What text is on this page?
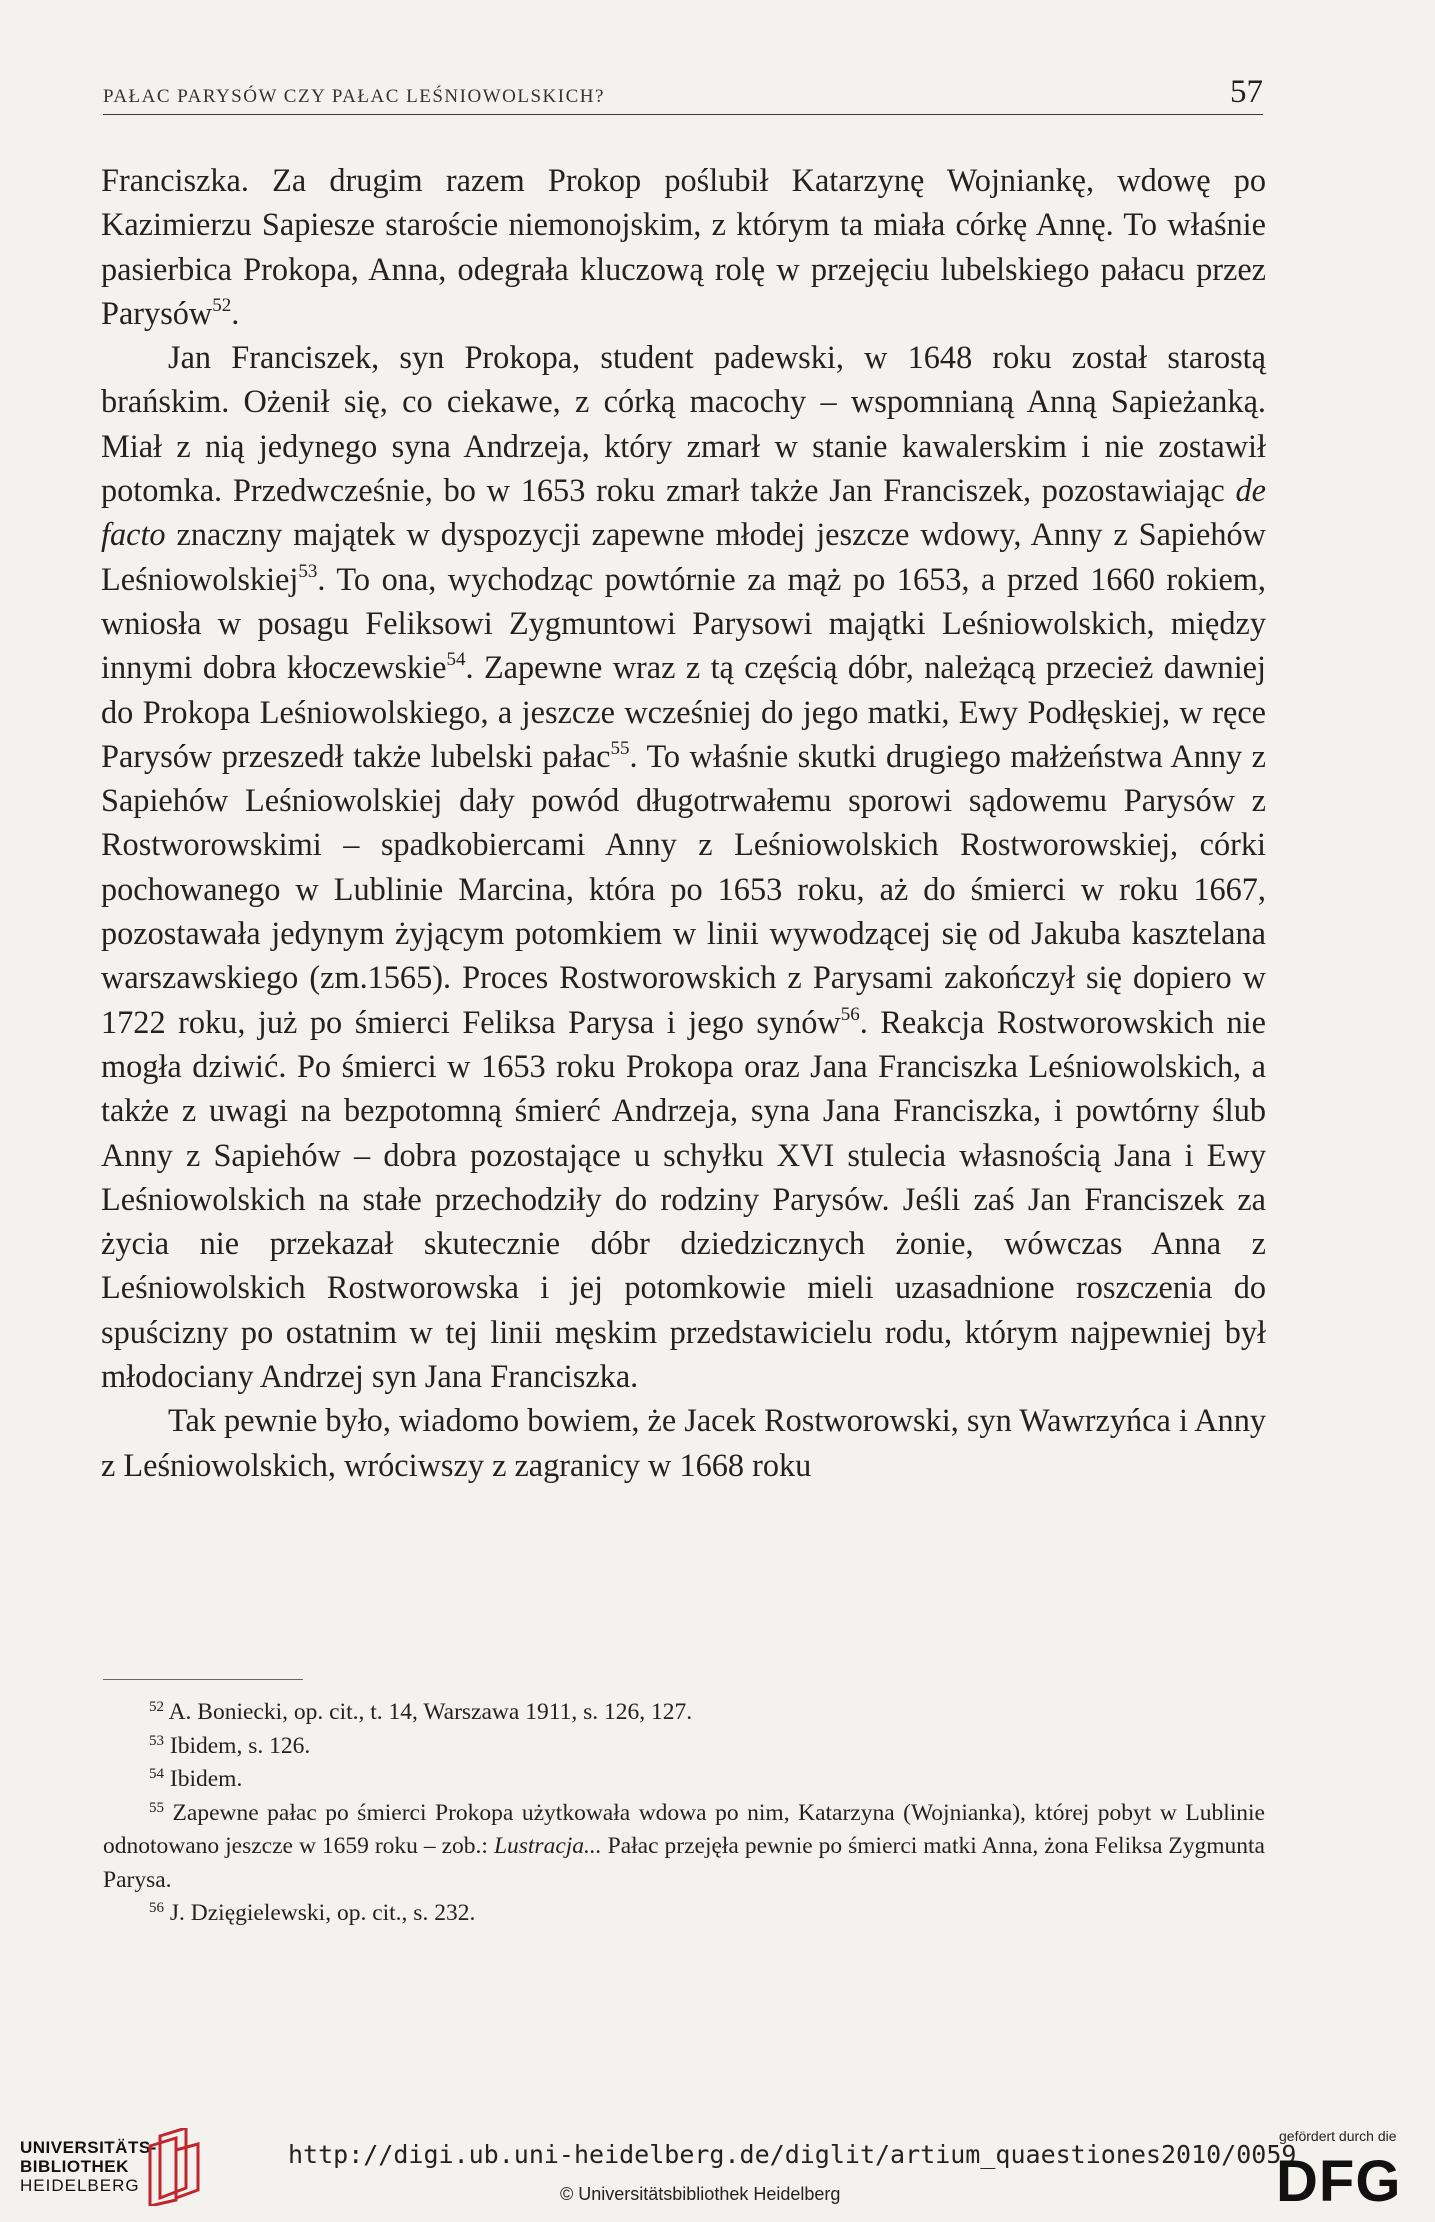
PAŁAC PARYSÓW CZY PAŁAC LEŚNIOWOLSKICH?	57

Franciszka. Za drugim razem Prokop poślubił Katarzynę Wojniankę, wdowę po Kazimierzu Sapiesze staroście niemonojskim, z którym ta miała córkę Annę. To właśnie pasierbica Prokopa, Anna, odegrała kluczową rolę w przejęciu lubelskiego pałacu przez Parysów$^{52}$.

Jan Franciszek, syn Prokopa, student padewski, w 1648 roku został starostą brańskim. Ożenił się, co ciekawe, z córką macochy – wspomnianą Anną Sapieżanką. Miał z nią jedynego syna Andrzeja, który zmarł w stanie kawalerskim i nie zostawił potomka. Przedwcześnie, bo w 1653 roku zmarł także Jan Franciszek, pozostawiając de facto znaczny majątek w dyspozycji zapewne młodej jeszcze wdowy, Anny z Sapiehów Leśniowolskiej$^{53}$. To ona, wychodząc powtórnie za mąż po 1653, a przed 1660 rokiem, wniosła w posagu Feliksowi Zygmuntowi Parysowi majątki Leśniowolskich, między innymi dobra kłoczewskie$^{54}$. Zapewne wraz z tą częścią dóbr, należącą przecież dawniej do Prokopa Leśniowolskiego, a jeszcze wcześniej do jego matki, Ewy Podłęskiej, w ręce Parysów przeszedł także lubelski pałac$^{55}$. To właśnie skutki drugiego małżeństwa Anny z Sapiehów Leśniowolskiej dały powód długotrwałemu sporowi sądowemu Parysów z Rostworowskimi – spadkobiercami Anny z Leśniowolskich Rostworowskiej, córki pochowanego w Lublinie Marcina, która po 1653 roku, aż do śmierci w roku 1667, pozostawała jedynym żyjącym potomkiem w linii wywodzącej się od Jakuba kasztelana warszawskiego (zm.1565). Proces Rostworowskich z Parysami zakończył się dopiero w 1722 roku, już po śmierci Feliksa Parysa i jego synów$^{56}$. Reakcja Rostworowskich nie mogła dziwić. Po śmierci w 1653 roku Prokopa oraz Jana Franciszka Leśniowolskich, a także z uwagi na bezpotomną śmierć Andrzeja, syna Jana Franciszka, i powtórny ślub Anny z Sapiehów – dobra pozostające u schyłku XVI stulecia własnością Jana i Ewy Leśniowolskich na stałe przechodziły do rodziny Parysów. Jeśli zaś Jan Franciszek za życia nie przekazał skutecznie dóbr dziedzicznych żonie, wówczas Anna z Leśniowolskich Rostworowska i jej potomkowie mieli uzasadnione roszczenia do spuścizny po ostatnim w tej linii męskim przedstawicielu rodu, którym najpewniej był młodociany Andrzej syn Jana Franciszka.

Tak pewnie było, wiadomo bowiem, że Jacek Rostworowski, syn Wawrzyńca i Anny z Leśniowolskich, wróciwszy z zagranicy w 1668 roku

$^{52}$ A. Boniecki, op. cit., t. 14, Warszawa 1911, s. 126, 127.

$^{53}$ Ibidem, s. 126.

$^{54}$ Ibidem.

$^{55}$ Zapewne pałac po śmierci Prokopa użytkowała wdowa po nim, Katarzyna (Wojnianka), której pobyt w Lublinie odnotowano jeszcze w 1659 roku – zob.: Lustracja... Pałac przejęła pewnie po śmierci matki Anna, żona Feliksa Zygmunta Parysa.

$^{56}$ J. Dzięgielewski, op. cit., s. 232.

UNIVERSITÄTS-
BIBLIOTHEK
HEIDELBERG
http://digi.ub.uni-heidelberg.de/diglit/artium_quaestiones2010/0059
© Universitätsbibliothek Heidelberg
gefördert durch die
DFG
